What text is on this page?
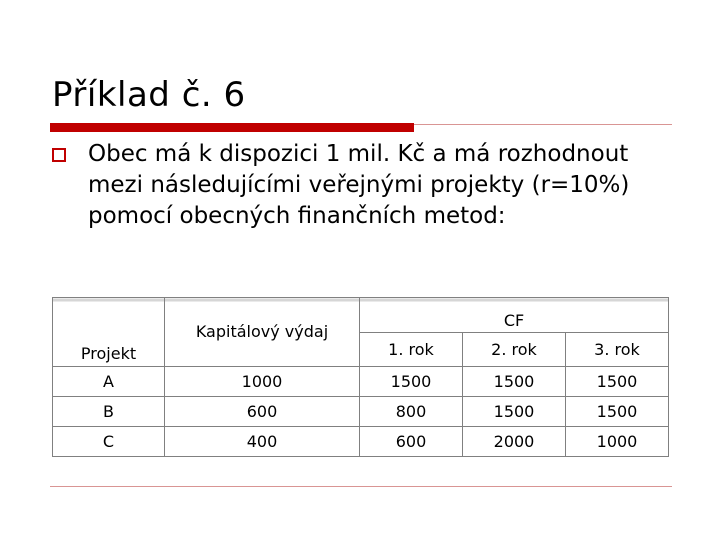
Příklad č. 6
Obec má k dispozici 1 mil. Kč a má rozhodnout mezi následujícími veřejnými projekty (r=10%) pomocí obecných finančních metod:
Projekt	Kapitálový výdaj	CF		
		1. rok	2. rok	3. rok
A	1000	1500	1500	1500
B	600	800	1500	1500
C	400	600	2000	1000
